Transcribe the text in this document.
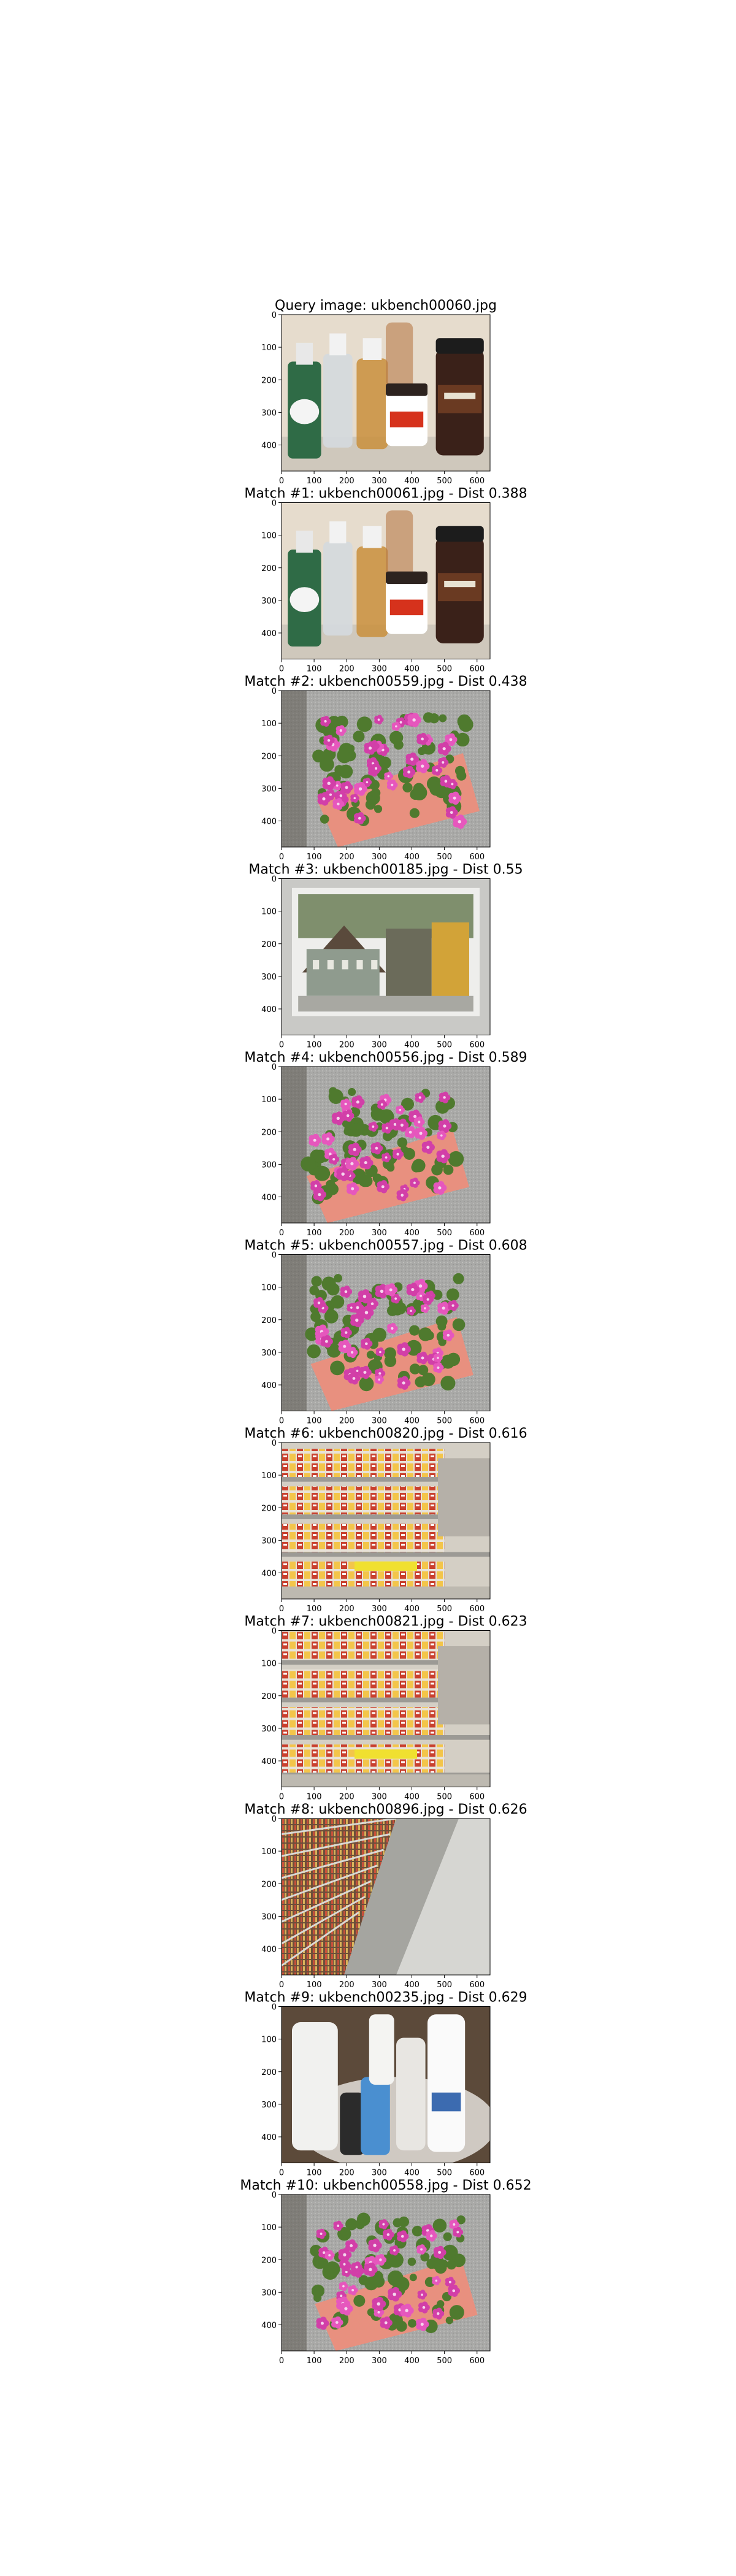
Query image: ukbench00060.jpg
0	100 200 300 400 500 600
0
100
200
300
400
Match #1: ukbench00061.jpg - Dist 0.388
0	100 200 300 400 500 600
0
100
200
300
400
Match #2: ukbench00559.jpg - Dist 0.438
0	100 200 300 400 500 600
0
100
200
300
400
Match #3: ukbench00185.jpg - Dist 0.55
0	100 200 300 400 500 600
0
100
200
300
400
Match #4: ukbench00556.jpg - Dist 0.589
0	100 200 300 400 500 600
0
100
200
300
400
Match #5: ukbench00557.jpg - Dist 0.608
0	100 200 300 400 500 600
0
100
200
300
400
Match #6: ukbench00820.jpg - Dist 0.616
0	100 200 300 400 500 600
0
100
200
300
400
Match #7: ukbench00821.jpg - Dist 0.623
0	100 200 300 400 500 600
0
100
200
300
400
Match #8: ukbench00896.jpg - Dist 0.626
0	100 200 300 400 500 600
0
100
200
300
400
Match #9: ukbench00235.jpg - Dist 0.629
0	100 200 300 400 500 600
0
100
200
300
400
Match #10: ukbench00558.jpg - Dist 0.652
0	100 200 300 400 500 600
0
100
200
300
400
